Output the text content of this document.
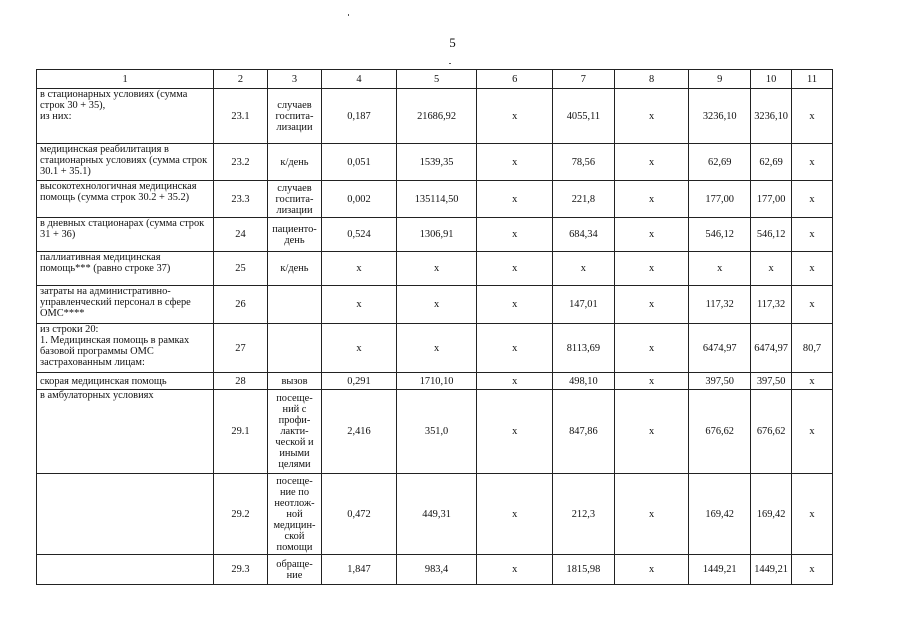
5
1	2	3	4	5	6	7	8	9	10	11
в стационарных условиях (сумма строк 30 + 35),
из них:	23.1	случаев госпита-лизации	0,187	21686,92	х	4055,11	х	3236,10	3236,10	х
медицинская реабилитация в стационарных условиях (сумма строк 30.1 + 35.1)	23.2	к/день	0,051	1539,35	х	78,56	х	62,69	62,69	х
высокотехнологичная медицинская помощь (сумма строк 30.2 + 35.2)	23.3	случаев госпита-лизации	0,002	135114,50	х	221,8	х	177,00	177,00	х
в дневных стационарах (сумма строк 31 + 36)	24	пациенто-день	0,524	1306,91	х	684,34	х	546,12	546,12	х
паллиативная медицинская помощь*** (равно строке 37)	25	к/день	х	х	х	х	х	х	х	х
затраты на административно-управленческий персонал в сфере ОМС****	26		х	х	х	147,01	х	117,32	117,32	х
из строки 20:
1. Медицинская помощь в рамках базовой программы ОМС застрахованным лицам:	27		х	х	х	8113,69	х	6474,97	6474,97	80,7
скорая медицинская помощь	28	вызов	0,291	1710,10	х	498,10	х	397,50	397,50	х
в амбулаторных условиях	29.1	посеще-ний с профи-лакти-ческой и иными целями	2,416	351,0	х	847,86	х	676,62	676,62	х
	29.2	посеще-ние по неотлож-ной медицин-ской помощи	0,472	449,31	х	212,3	х	169,42	169,42	х
	29.3	обраще-ние	1,847	983,4	х	1815,98	х	1449,21	1449,21	х
